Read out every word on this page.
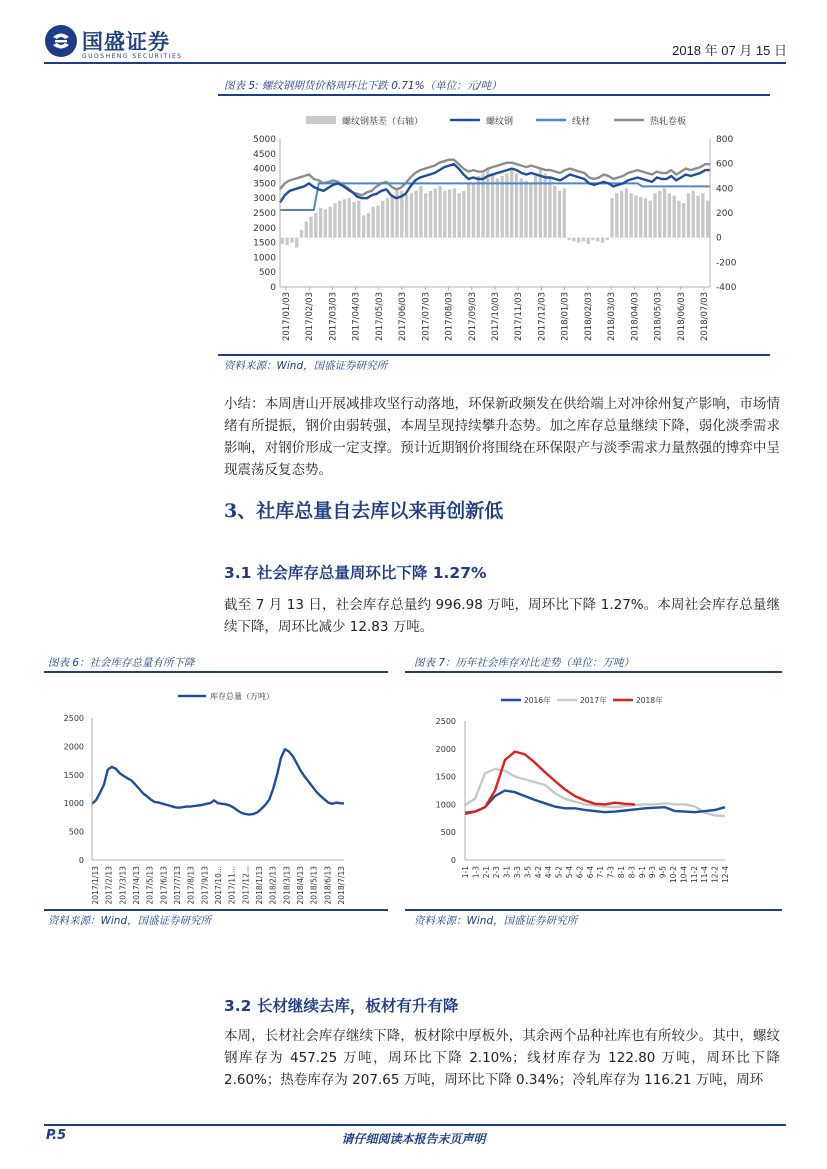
国盛证券
GUOSHENG SECURITIES	2018 年 07 月 15 日
图表 5: 螺纹钢期货价格周环比下跌 0.71%（单位：元/吨）
螺纹钢基差（右轴）	螺纹钢	线材	热轧卷板
5000
4500
4000
3500
3000
2500
2000
1500
1000
500
0
800
600
400
200
0
-200
-400
2017/01/03 2017/02/03 2017/03/03 2017/04/03 2017/05/03 2017/06/03 2017/07/03 2017/08/03 2017/09/03 2017/10/03 2017/11/03 2017/12/03 2018/01/03 2018/02/03 2018/03/03 2018/04/03 2018/05/03 2018/06/03 2018/07/03
资料来源：Wind，国盛证券研究所
小结：本周唐山开展减排攻坚行动落地，环保新政频发在供给端上对冲徐州复产影响，市场情绪有所提振，钢价由弱转强，本周呈现持续攀升态势。加之库存总量继续下降，弱化淡季需求影响，对钢价形成一定支撑。预计近期钢价将围绕在环保限产与淡季需求力量熬强的博弈中呈现震荡反复态势。
3、社库总量自去库以来再创新低
3.1 社会库存总量周环比下降 1.27%
截至 7 月 13 日，社会库存总量约 996.98 万吨，周环比下降 1.27%。本周社会库存总量继续下降，周环比减少 12.83 万吨。
图表 6：社会库存总量有所下降
库存总量（万吨）
2500
2000
1500
1000
500
0
2017/1/13 2017/2/13 2017/3/13 2017/4/13 2017/5/13 2017/6/13 2017/7/13 2017/8/13 2017/9/13 2017/10... 2017/11... 2017/12... 2018/1/13 2018/2/13 2018/3/13 2018/4/13 2018/5/13 2018/6/13 2018/7/13
资料来源：Wind，国盛证券研究所
图表 7：历年社会库存对比走势（单位：万吨）
2016年	2017年	2018年
2500
2000
1500
1000
500
0
1-1 1-3 2-1 2-3 3-1 3-3 3-5 4-2 4-4 5-2 5-4 6-2 6-4 7-1 7-3 8-1 8-3 9-1 9-3 9-5 10-2 10-4 11-2 11-4 12-2 12-4
资料来源：Wind，国盛证券研究所
3.2 长材继续去库，板材有升有降
本周，长材社会库存继续下降，板材除中厚板外，其余两个品种社库也有所较少。其中，螺纹钢库存为 457.25 万吨，周环比下降 2.10%；线材库存为 122.80 万吨，周环比下降 2.60%；热卷库存为 207.65 万吨，周环比下降 0.34%；冷轧库存为 116.21 万吨，周环
P.5	请仔细阅读本报告末页声明
